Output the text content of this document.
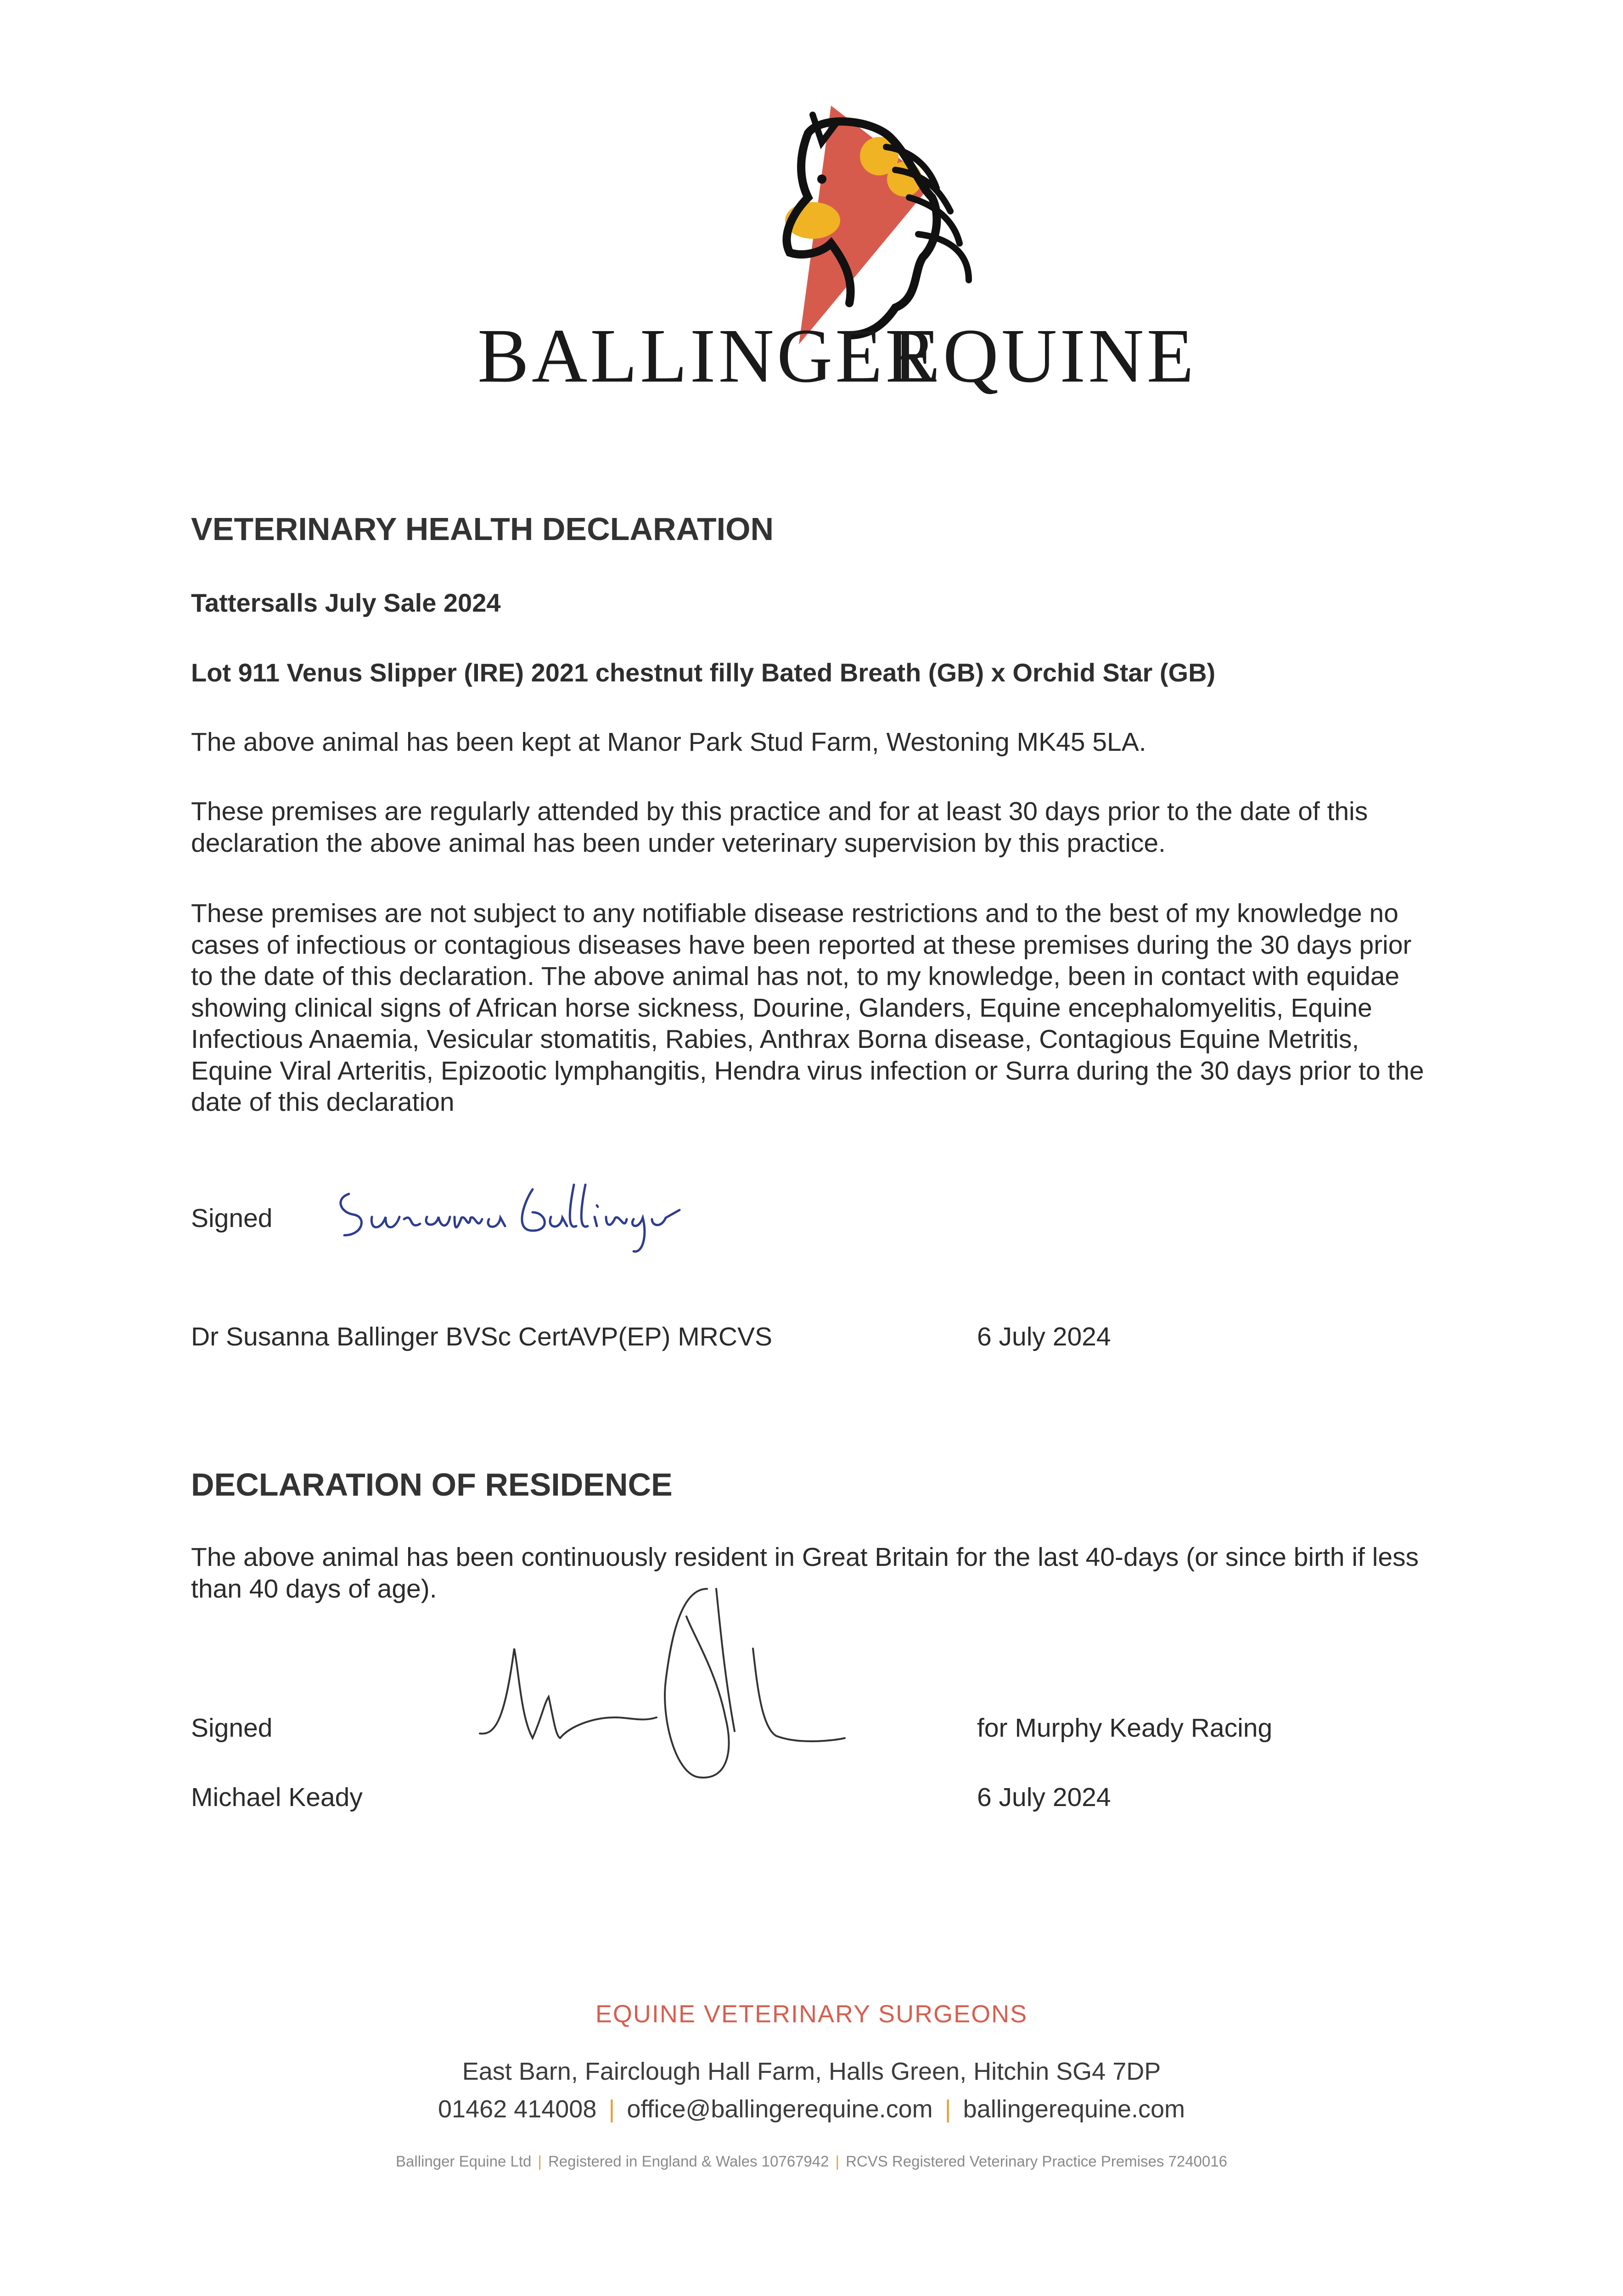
BALLINGER
EQUINE
VETERINARY HEALTH DECLARATION
Tattersalls July Sale 2024
Lot 911 Venus Slipper (IRE) 2021 chestnut filly Bated Breath (GB) x Orchid Star (GB)
The above animal has been kept at Manor Park Stud Farm, Westoning MK45 5LA.
These premises are regularly attended by this practice and for at least 30 days prior to the date of this declaration the above animal has been under veterinary supervision by this practice.
These premises are not subject to any notifiable disease restrictions and to the best of my knowledge no cases of infectious or contagious diseases have been reported at these premises during the 30 days prior to the date of this declaration. The above animal has not, to my knowledge, been in contact with equidae showing clinical signs of African horse sickness, Dourine, Glanders, Equine encephalomyelitis, Equine Infectious Anaemia, Vesicular stomatitis, Rabies, Anthrax Borna disease, Contagious Equine Metritis, Equine Viral Arteritis, Epizootic lymphangitis, Hendra virus infection or Surra during the 30 days prior to the date of this declaration
Signed
Dr Susanna Ballinger BVSc CertAVP(EP) MRCVS	6 July 2024
DECLARATION OF RESIDENCE
The above animal has been continuously resident in Great Britain for the last 40-days (or since birth if less than 40 days of age).
Signed	for Murphy Keady Racing
Michael Keady	6 July 2024
EQUINE VETERINARY SURGEONS
East Barn, Fairclough Hall Farm, Halls Green, Hitchin SG4 7DP
01462 414008 | office@ballingerequine.com | ballingerequine.com
Ballinger Equine Ltd | Registered in England & Wales 10767942 | RCVS Registered Veterinary Practice Premises 7240016
